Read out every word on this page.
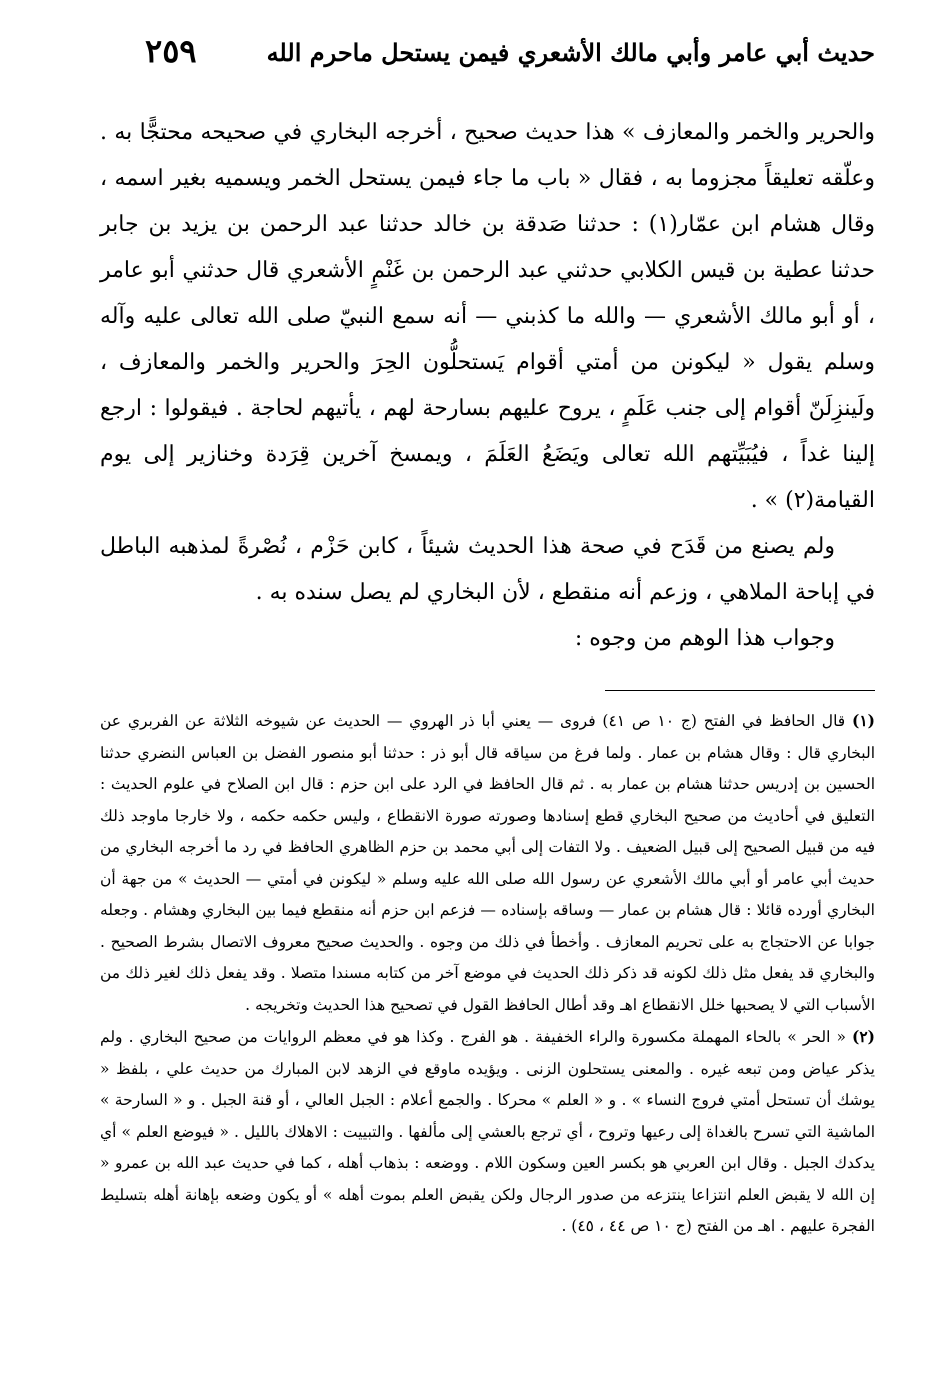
حديث أبي عامر وأبي مالك الأشعري فيمن يستحل ماحرم الله
٢٥٩

والحرير والخمر والمعازف » هذا حديث صحيح ، أخرجه البخاري في صحيحه محتجًّا به . وعلّقه تعليقاً مجزوما به ، فقال « باب ما جاء فيمن يستحل الخمر ويسميه بغير اسمه ، وقال هشام ابن عمّار(١) : حدثنا صَدقة بن خالد حدثنا عبد الرحمن بن يزيد بن جابر حدثنا عطية بن قيس الكلابي حدثني عبد الرحمن بن غَنْمٍ الأشعري قال حدثني أبو عامر ، أو أبو مالك الأشعري — والله ما كذبني — أنه سمع النبيّ صلى الله تعالى عليه وآله وسلم يقول « ليكونن من أمتي أقوام يَستحلُّون الحِرَ والحرير والخمر والمعازف ، ولَينزِلَنّ أقوام إلى جنب عَلَمٍ ، يروح عليهم بسارحة لهم ، يأتيهم لحاجة . فيقولوا : ارجع إلينا غداً ، فيُبَيِّتهم الله تعالى ويَضَعُ العَلَمَ ، ويمسخ آخرين قِرَدة وخنازير إلى يوم القيامة(٢) » .

ولم يصنع من قَدَح في صحة هذا الحديث شيئاً ، كابن حَزْم ، نُصْرةً لمذهبه الباطل في إباحة الملاهي ، وزعم أنه منقطع ، لأن البخاري لم يصل سنده به .

وجواب هذا الوهم من وجوه :

(١) قال الحافظ في الفتح (ج ١٠ ص ٤١) فروى — يعني أبا ذر الهروي — الحديث عن شيوخه الثلاثة عن الفربري عن البخاري قال : وقال هشام بن عمار . ولما فرغ من سياقه قال أبو ذر : حدثنا أبو منصور الفضل بن العباس النضري حدثنا الحسين بن إدريس حدثنا هشام بن عمار به . ثم قال الحافظ في الرد على ابن حزم : قال ابن الصلاح في علوم الحديث : التعليق في أحاديث من صحيح البخاري قطع إسنادها وصورته صورة الانقطاع ، وليس حكمه حكمه ، ولا خارجا ماوجد ذلك فيه من قبيل الصحيح إلى قبيل الضعيف . ولا التفات إلى أبي محمد بن حزم الظاهري الحافظ في رد ما أخرجه البخاري من حديث أبي عامر أو أبي مالك الأشعري عن رسول الله صلى الله عليه وسلم « ليكونن في أمتي — الحديث » من جهة أن البخاري أورده قائلا : قال هشام بن عمار — وساقه بإسناده — فزعم ابن حزم أنه منقطع فيما بين البخاري وهشام . وجعله جوابا عن الاحتجاج به على تحريم المعازف . وأخطأ في ذلك من وجوه . والحديث صحيح معروف الاتصال بشرط الصحيح . والبخاري قد يفعل مثل ذلك لكونه قد ذكر ذلك الحديث في موضع آخر من كتابه مسندا متصلا . وقد يفعل ذلك لغير ذلك من الأسباب التي لا يصحبها خلل الانقطاع اهـ وقد أطال الحافظ القول في تصحيح هذا الحديث وتخريجه .

(٢) « الحر » بالحاء المهملة مكسورة والراء الخفيفة . هو الفرج . وكذا هو في معظم الروايات من صحيح البخاري . ولم يذكر عياض ومن تبعه غيره . والمعنى يستحلون الزنى . ويؤيده ماوقع في الزهد لابن المبارك من حديث علي ، بلفظ « يوشك أن تستحل أمتي فروج النساء » . و « العلم » محركا . والجمع أعلام : الجبل العالي ، أو قنة الجبل . و « السارحة » الماشية التي تسرح بالغداة إلى رعيها وتروح ، أي ترجع بالعشي إلى مألفها . والتبييت : الاهلاك بالليل . « فيوضع العلم » أي يدكدك الجبل . وقال ابن العربي هو بكسر العين وسكون اللام . ووضعه : بذهاب أهله ، كما في حديث عبد الله بن عمرو « إن الله لا يقبض العلم انتزاعا ينتزعه من صدور الرجال ولكن يقبض العلم بموت أهله » أو يكون وضعه بإهانة أهله بتسليط الفجرة عليهم . اهـ من الفتح (ج ١٠ ص ٤٤ ، ٤٥) .
